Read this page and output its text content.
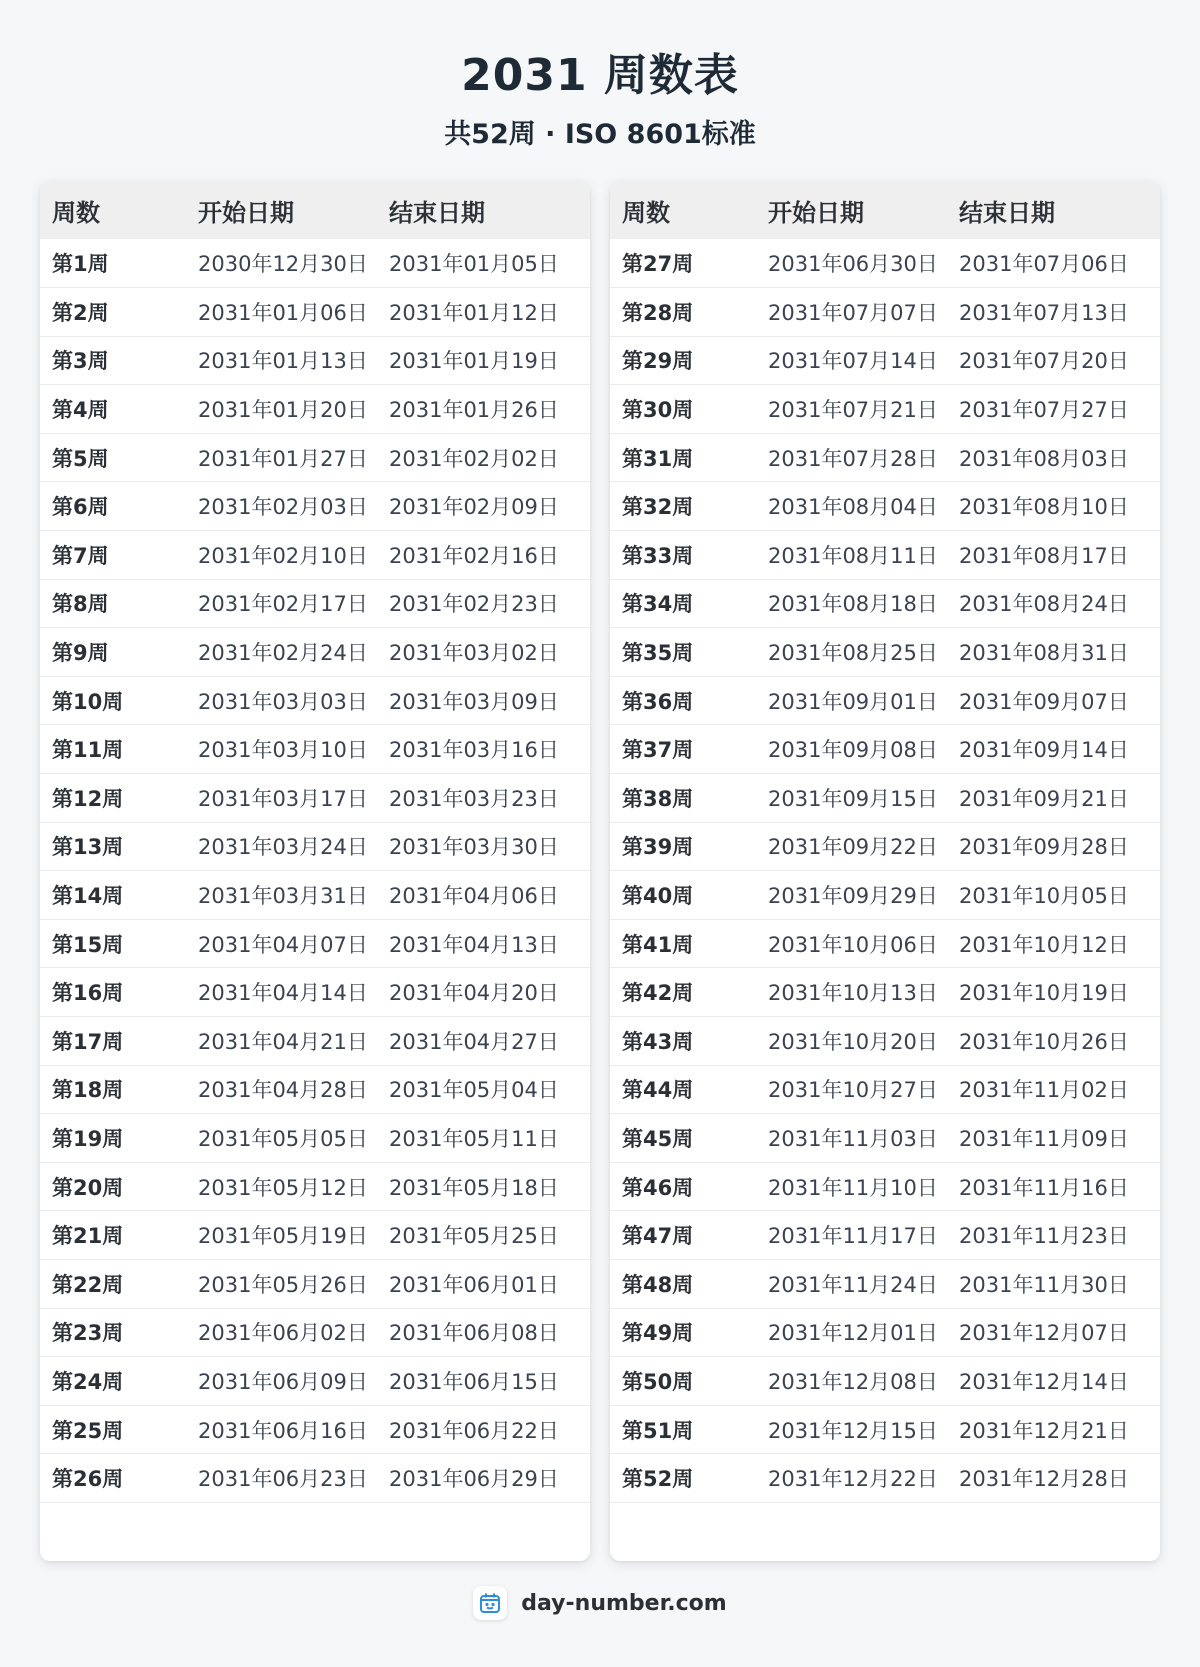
2031 周数表
共52周 · ISO 8601标准
周数	开始日期	结束日期
第1周	2030年12月30日	2031年01月05日
第2周	2031年01月06日	2031年01月12日
第3周	2031年01月13日	2031年01月19日
第4周	2031年01月20日	2031年01月26日
第5周	2031年01月27日	2031年02月02日
第6周	2031年02月03日	2031年02月09日
第7周	2031年02月10日	2031年02月16日
第8周	2031年02月17日	2031年02月23日
第9周	2031年02月24日	2031年03月02日
第10周	2031年03月03日	2031年03月09日
第11周	2031年03月10日	2031年03月16日
第12周	2031年03月17日	2031年03月23日
第13周	2031年03月24日	2031年03月30日
第14周	2031年03月31日	2031年04月06日
第15周	2031年04月07日	2031年04月13日
第16周	2031年04月14日	2031年04月20日
第17周	2031年04月21日	2031年04月27日
第18周	2031年04月28日	2031年05月04日
第19周	2031年05月05日	2031年05月11日
第20周	2031年05月12日	2031年05月18日
第21周	2031年05月19日	2031年05月25日
第22周	2031年05月26日	2031年06月01日
第23周	2031年06月02日	2031年06月08日
第24周	2031年06月09日	2031年06月15日
第25周	2031年06月16日	2031年06月22日
第26周	2031年06月23日	2031年06月29日
周数	开始日期	结束日期
第27周	2031年06月30日	2031年07月06日
第28周	2031年07月07日	2031年07月13日
第29周	2031年07月14日	2031年07月20日
第30周	2031年07月21日	2031年07月27日
第31周	2031年07月28日	2031年08月03日
第32周	2031年08月04日	2031年08月10日
第33周	2031年08月11日	2031年08月17日
第34周	2031年08月18日	2031年08月24日
第35周	2031年08月25日	2031年08月31日
第36周	2031年09月01日	2031年09月07日
第37周	2031年09月08日	2031年09月14日
第38周	2031年09月15日	2031年09月21日
第39周	2031年09月22日	2031年09月28日
第40周	2031年09月29日	2031年10月05日
第41周	2031年10月06日	2031年10月12日
第42周	2031年10月13日	2031年10月19日
第43周	2031年10月20日	2031年10月26日
第44周	2031年10月27日	2031年11月02日
第45周	2031年11月03日	2031年11月09日
第46周	2031年11月10日	2031年11月16日
第47周	2031年11月17日	2031年11月23日
第48周	2031年11月24日	2031年11月30日
第49周	2031年12月01日	2031年12月07日
第50周	2031年12月08日	2031年12月14日
第51周	2031年12月15日	2031年12月21日
第52周	2031年12月22日	2031年12月28日
day-number.com
